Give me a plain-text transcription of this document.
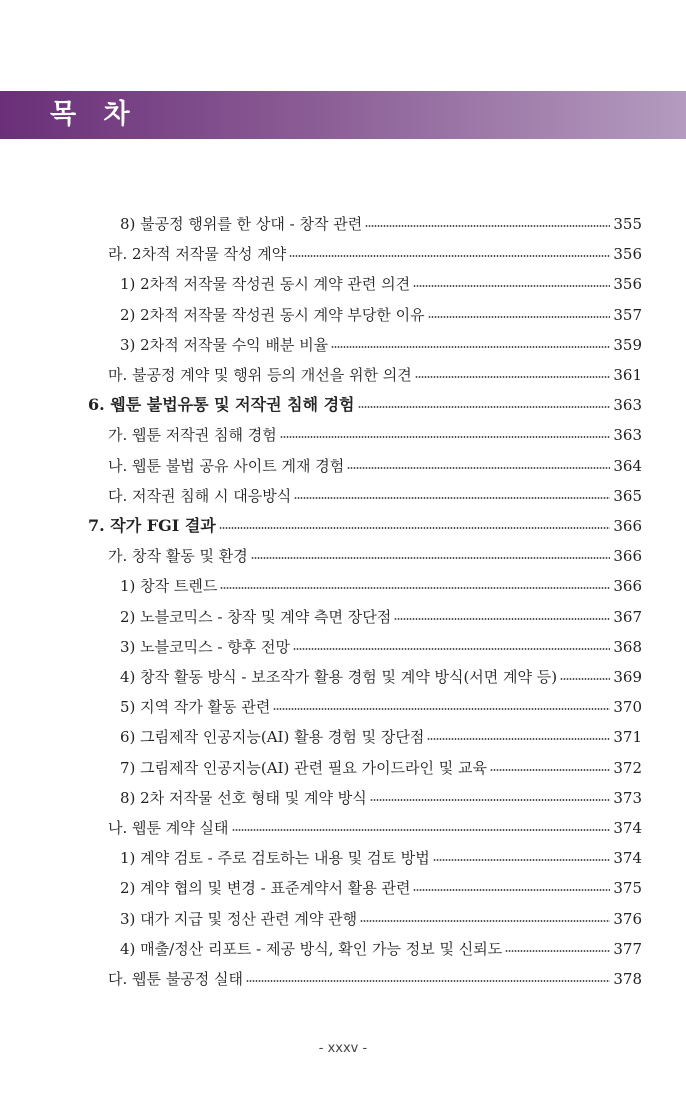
목 차
8) 불공정 행위를 한 상대 - 창작 관련	355
라. 2차적 저작물 작성 계약	356
1) 2차적 저작물 작성권 동시 계약 관련 의견	356
2) 2차적 저작물 작성권 동시 계약 부당한 이유	357
3) 2차적 저작물 수익 배분 비율	359
마. 불공정 계약 및 행위 등의 개선을 위한 의견	361
6. 웹툰 불법유통 및 저작권 침해 경험	363
가. 웹툰 저작권 침해 경험	363
나. 웹툰 불법 공유 사이트 게재 경험	364
다. 저작권 침해 시 대응방식	365
7. 작가 FGI 결과	366
가. 창작 활동 및 환경	366
1) 창작 트렌드	366
2) 노블코믹스 - 창작 및 계약 측면 장단점	367
3) 노블코믹스 - 향후 전망	368
4) 창작 활동 방식 - 보조작가 활용 경험 및 계약 방식(서면 계약 등)	369
5) 지역 작가 활동 관련	370
6) 그림제작 인공지능(AI) 활용 경험 및 장단점	371
7) 그림제작 인공지능(AI) 관련 필요 가이드라인 및 교육	372
8) 2차 저작물 선호 형태 및 계약 방식	373
나. 웹툰 계약 실태	374
1) 계약 검토 - 주로 검토하는 내용 및 검토 방법	374
2) 계약 협의 및 변경 - 표준계약서 활용 관련	375
3) 대가 지급 및 정산 관련 계약 관행	376
4) 매출/정산 리포트 - 제공 방식, 확인 가능 정보 및 신뢰도	377
다. 웹툰 불공정 실태	378
- xxxv -
